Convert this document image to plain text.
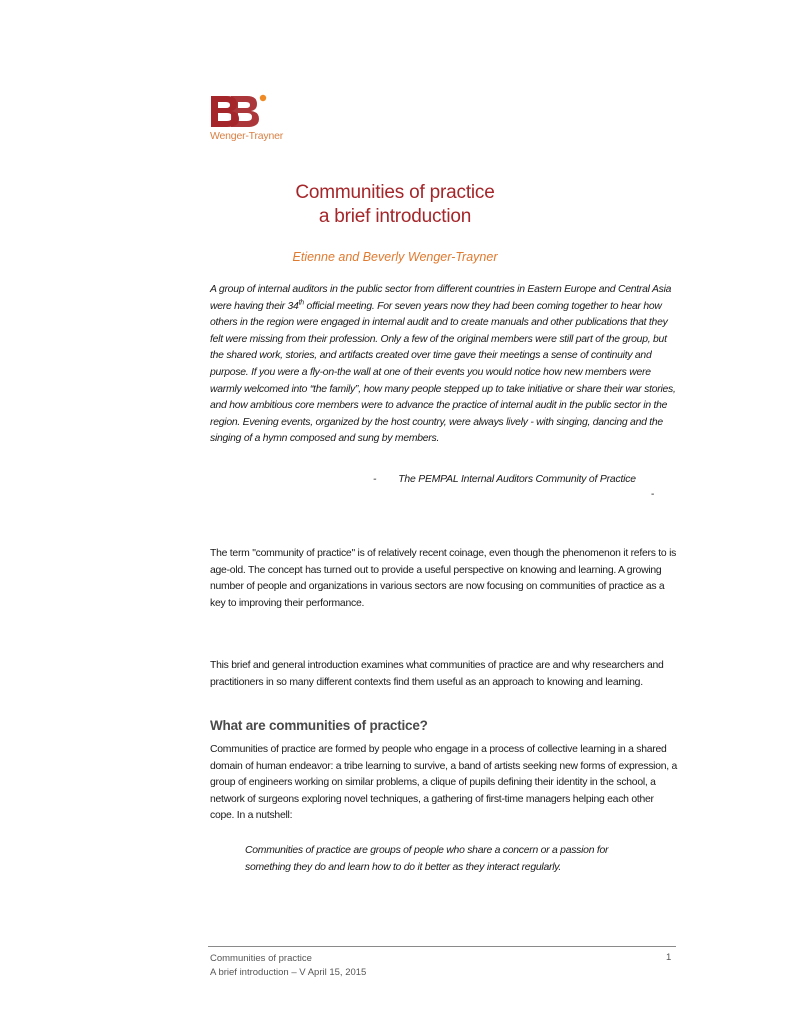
Wenger-Trayner
Communities of practice
a brief introduction
Etienne and Beverly Wenger-Trayner
A group of internal auditors in the public sector from different countries in Eastern Europe and Central Asia were having their 34th official meeting. For seven years now they had been coming together to hear how others in the region were engaged in internal audit and to create manuals and other publications that they felt were missing from their profession. Only a few of the original members were still part of the group, but the shared work, stories, and artifacts created over time gave their meetings a sense of continuity and purpose. If you were a fly-on-the wall at one of their events you would notice how new members were warmly welcomed into “the family”, how many people stepped up to take initiative or share their war stories, and how ambitious core members were to advance the practice of internal audit in the public sector in the region. Evening events, organized by the host country, were always lively - with singing, dancing and the singing of a hymn composed and sung by members.
- The PEMPAL Internal Auditors Community of Practice
-
The term "community of practice" is of relatively recent coinage, even though the phenomenon it refers to is age-old. The concept has turned out to provide a useful perspective on knowing and learning. A growing number of people and organizations in various sectors are now focusing on communities of practice as a key to improving their performance.
This brief and general introduction examines what communities of practice are and why researchers and practitioners in so many different contexts find them useful as an approach to knowing and learning.
What are communities of practice?
Communities of practice are formed by people who engage in a process of collective learning in a shared domain of human endeavor: a tribe learning to survive, a band of artists seeking new forms of expression, a group of engineers working on similar problems, a clique of pupils defining their identity in the school, a network of surgeons exploring novel techniques, a gathering of first-time managers helping each other cope. In a nutshell:
Communities of practice are groups of people who share a concern or a passion for something they do and learn how to do it better as they interact regularly.
Communities of practice
A brief introduction – V April 15, 2015
1
